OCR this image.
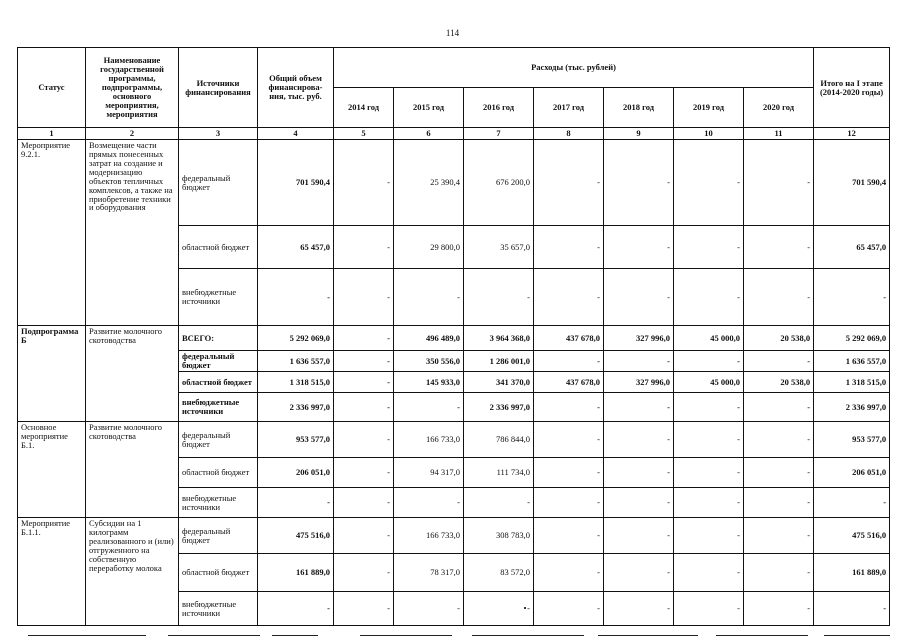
114
Статус	Наименование государственной программы, подпрограммы, основного мероприятия, мероприятия	Источники финансирования	Общий объем финансирова-ния, тыс. руб.	Расходы (тыс. рублей)							Итого на I этапе (2014-2020 годы)
				2014 год	2015 год	2016 год	2017 год	2018 год	2019 год	2020 год	
1	2	3	4	5	6	7	8	9	10	11	12
Мероприятие 9.2.1.	Возмещение части прямых понесенных затрат на создание и модернизацию объектов тепличных комплексов, а также на приобретение техники и оборудования	федеральный бюджет	701 590,4	-	25 390,4	676 200,0	-	-	-	-	701 590,4
		областной бюджет	65 457,0	-	29 800,0	35 657,0	-	-	-	-	65 457,0
		внебюджетные источники	-	-	-	-	-	-	-	-	-
Подпрограмма Б	Развитие молочного скотоводства	ВСЕГО:	5 292 069,0	-	496 489,0	3 964 368,0	437 678,0	327 996,0	45 000,0	20 538,0	5 292 069,0
		федеральный бюджет	1 636 557,0	-	350 556,0	1 286 001,0	-	-	-	-	1 636 557,0
		областной бюджет	1 318 515,0	-	145 933,0	341 370,0	437 678,0	327 996,0	45 000,0	20 538,0	1 318 515,0
		внебюджетные источники	2 336 997,0	-	-	2 336 997,0	-	-	-	-	2 336 997,0
Основное мероприятие Б.1.	Развитие молочного скотоводства	федеральный бюджет	953 577,0	-	166 733,0	786 844,0	-	-	-	-	953 577,0
		областной бюджет	206 051,0	-	94 317,0	111 734,0	-	-	-	-	206 051,0
		внебюджетные источники	-	-	-	-	-	-	-	-	-
Мероприятие Б.1.1.	Субсидии на 1 килограмм реализованного и (или) отгруженного на собственную переработку молока	федеральный бюджет	475 516,0	-	166 733,0	308 783,0	-	-	-	-	475 516,0
		областной бюджет	161 889,0	-	78 317,0	83 572,0	-	-	-	-	161 889,0
		внебюджетные источники	-	-	-	-	-	-	-	-	-
